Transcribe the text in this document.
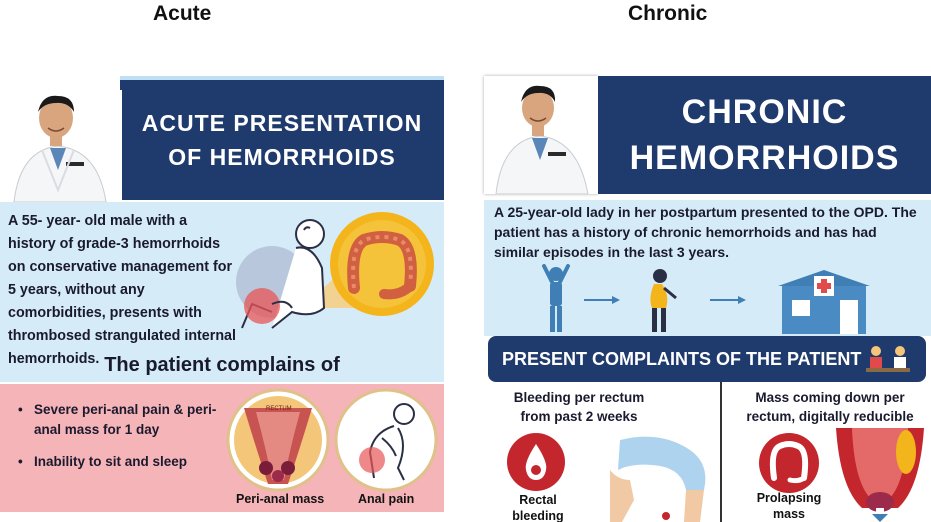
Acute	Chronic
ACUTE PRESENTATION
OF HEMORRHOIDS
A 55- year- old male with a history of grade-3 hemorrhoids on conservative management for 5 years, without any comorbidities, presents with thrombosed strangulated internal hemorrhoids. The patient complains of
• Severe peri-anal pain & peri-anal mass for 1 day
• Inability to sit and sleep
RECTUM
Peri-anal mass	Anal pain
CHRONIC
HEMORRHOIDS
A 25-year-old lady in her postpartum presented to the OPD. The patient has a history of chronic hemorrhoids and has had similar episodes in the last 3 years.
PRESENT COMPLAINTS OF THE PATIENT
Bleeding per rectum from past 2 weeks
Mass coming down per rectum, digitally reducible
Rectal bleeding
Prolapsing mass
